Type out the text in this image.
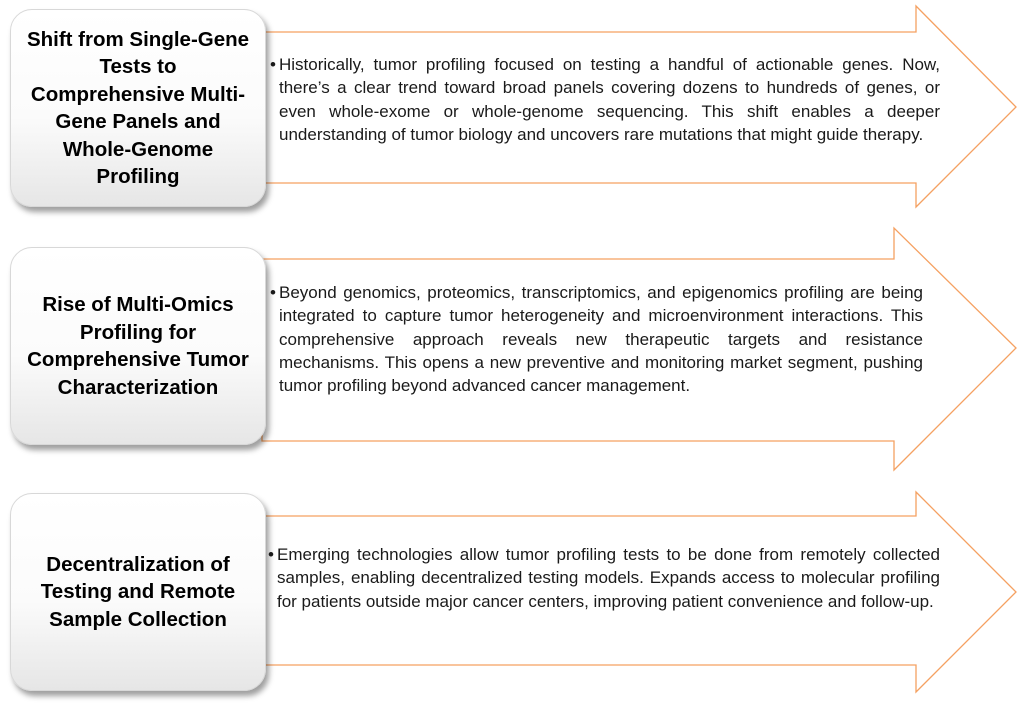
Shift from Single-Gene Tests to Comprehensive Multi-Gene Panels and Whole-Genome Profiling
• Historically, tumor profiling focused on testing a handful of actionable genes. Now, there’s a clear trend toward broad panels covering dozens to hundreds of genes, or even whole-exome or whole-genome sequencing. This shift enables a deeper understanding of tumor biology and uncovers rare mutations that might guide therapy.
Rise of Multi-Omics Profiling for Comprehensive Tumor Characterization
• Beyond genomics, proteomics, transcriptomics, and epigenomics profiling are being integrated to capture tumor heterogeneity and microenvironment interactions. This comprehensive approach reveals new therapeutic targets and resistance mechanisms. This opens a new preventive and monitoring market segment, pushing tumor profiling beyond advanced cancer management.
Decentralization of Testing and Remote Sample Collection
• Emerging technologies allow tumor profiling tests to be done from remotely collected samples, enabling decentralized testing models. Expands access to molecular profiling for patients outside major cancer centers, improving patient convenience and follow-up.
